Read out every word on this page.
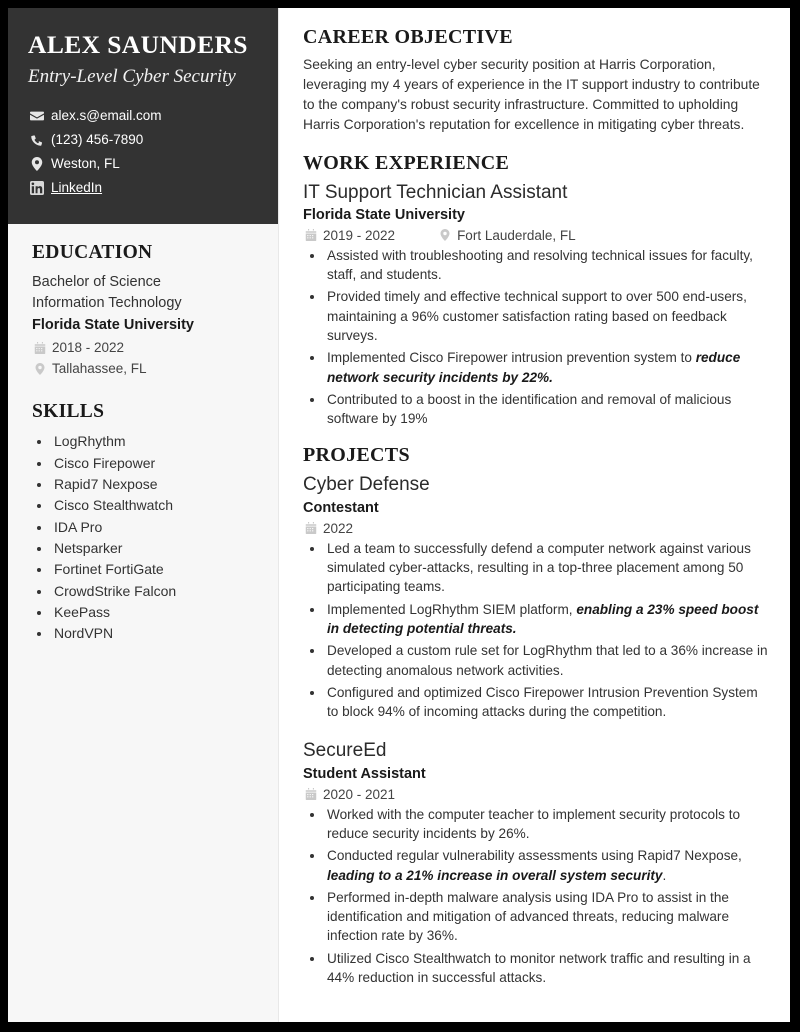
ALEX SAUNDERS
Entry-Level Cyber Security
alex.s@email.com
(123) 456-7890
Weston, FL
LinkedIn
EDUCATION
Bachelor of Science
Information Technology
Florida State University
2018 - 2022
Tallahassee, FL
SKILLS
• LogRhythm
• Cisco Firepower
• Rapid7 Nexpose
• Cisco Stealthwatch
• IDA Pro
• Netsparker
• Fortinet FortiGate
• CrowdStrike Falcon
• KeePass
• NordVPN
CAREER OBJECTIVE

Seeking an entry-level cyber security position at Harris Corporation, leveraging my 4 years of experience in the IT support industry to contribute to the company's robust security infrastructure. Committed to upholding Harris Corporation's reputation for excellence in mitigating cyber threats.

WORK EXPERIENCE
IT Support Technician Assistant
Florida State University
2019 - 2022	Fort Lauderdale, FL
• Assisted with troubleshooting and resolving technical issues for faculty, staff, and students.
• Provided timely and effective technical support to over 500 end-users, maintaining a 96% customer satisfaction rating based on feedback surveys.
• Implemented Cisco Firepower intrusion prevention system to reduce network security incidents by 22%.
• Contributed to a boost in the identification and removal of malicious software by 19%
PROJECTS
Cyber Defense
Contestant
2022
• Led a team to successfully defend a computer network against various simulated cyber-attacks, resulting in a top-three placement among 50 participating teams.
• Implemented LogRhythm SIEM platform, enabling a 23% speed boost in detecting potential threats.
• Developed a custom rule set for LogRhythm that led to a 36% increase in detecting anomalous network activities.
• Configured and optimized Cisco Firepower Intrusion Prevention System to block 94% of incoming attacks during the competition.
SecureEd
Student Assistant
2020 - 2021
• Worked with the computer teacher to implement security protocols to reduce security incidents by 26%.
• Conducted regular vulnerability assessments using Rapid7 Nexpose, leading to a 21% increase in overall system security.
• Performed in-depth malware analysis using IDA Pro to assist in the identification and mitigation of advanced threats, reducing malware infection rate by 36%.
• Utilized Cisco Stealthwatch to monitor network traffic and resulting in a 44% reduction in successful attacks.
